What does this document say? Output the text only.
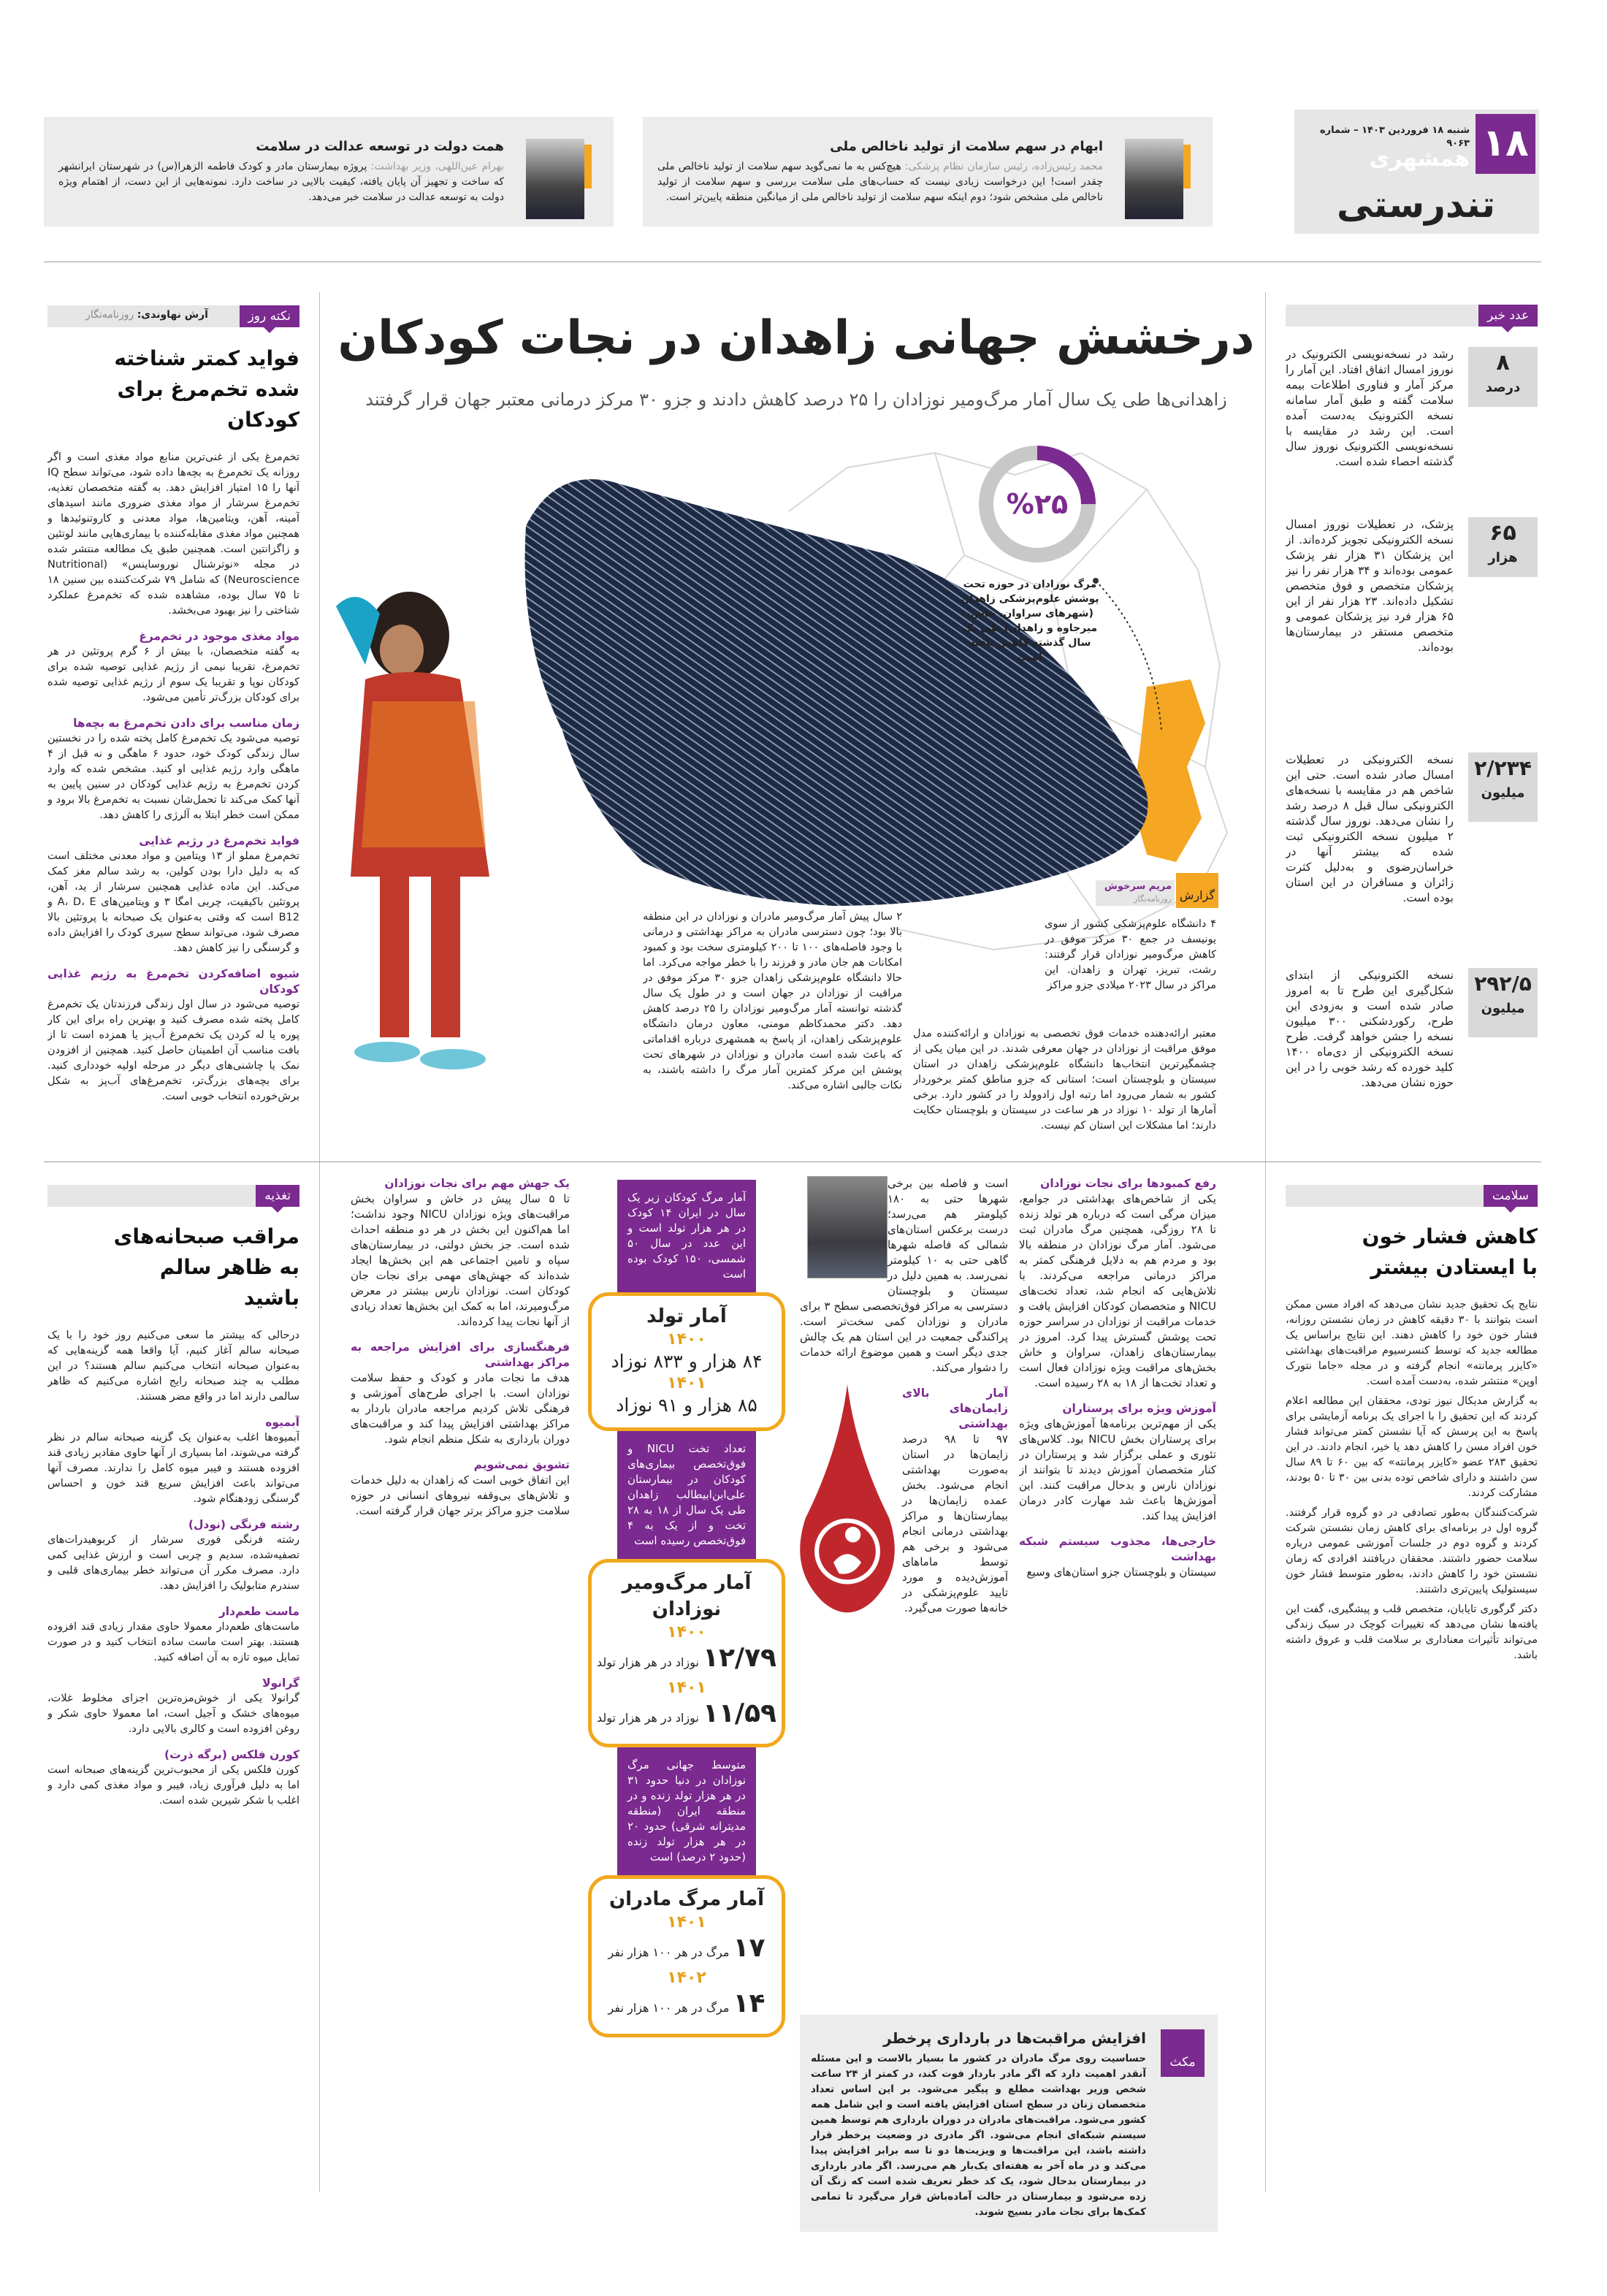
۱۸
شنبه ۱۸ فروردین ۱۴۰۳ – شماره ۹۰۶۳
همشهری
تندرستی
ابهام در سهم سلامت از تولید ناخالص ملی
محمد رئیس‌زاده، رئیس سازمان نظام پزشکی: هیچ‌کس به ما نمی‌گوید سهم سلامت از تولید ناخالص ملی چقدر است! این درخواست زیادی نیست که حساب‌های ملی سلامت بررسی و سهم سلامت از تولید ناخالص ملی مشخص شود؛ دوم اینکه سهم سلامت از تولید ناخالص ملی از میانگین منطقه پایین‌تر است.
همت دولت در توسعه عدالت در سلامت
بهرام عین‌اللهی، وزیر بهداشت: پروژه بیمارستان مادر و کودک فاطمه الزهرا(س) در شهرستان ایرانشهر که ساخت و تجهیز آن پایان یافته، کیفیت بالایی در ساخت دارد. نمونه‌هایی از این دست، از اهتمام ویژه دولت به توسعه عدالت در سلامت خبر می‌دهد.
عدد خبر
۸
درصد
رشد در نسخه‌نویسی الکترونیک در نوروز امسال اتفاق افتاد. این آمار را مرکز آمار و فناوری اطلاعات بیمه سلامت گفته و طبق آمار سامانه نسخه الکترونیک به‌دست آمده است. این رشد در مقایسه با نسخه‌نویسی الکترونیک نوروز سال گذشته احصاء شده است.
۶۵
هزار
پزشک، در تعطیلات نوروز امسال نسخه الکترونیکی تجویز کرده‌اند. از این پزشکان ۳۱ هزار نفر پزشک عمومی بوده‌اند و ۳۴ هزار نفر را نیز پزشکان متخصص و فوق متخصص تشکیل داده‌اند. ۲۳ هزار نفر از این ۶۵ هزار فرد نیز پزشکان عمومی و متخصص مستقر در بیمارستان‌ها بوده‌اند.
۲/۲۳۴
میلیون
نسخه الکترونیکی در تعطیلات امسال صادر شده است. حتی این شاخص هم در مقایسه با نسخه‌های الکترونیکی سال قبل ۸ درصد رشد را نشان می‌دهد. نوروز سال گذشته ۲ میلیون نسخه الکترونیکی ثبت شده که بیشتر آنها در خراسان‌رضوی و به‌دلیل کثرت زائران و مسافران در این استان بوده است.
۲۹۲/۵
میلیون
نسخه الکترونیکی از ابتدای شکل‌گیری این طرح تا به امروز صادر شده است و به‌زودی این طرح، رکوردشکنی ۳۰۰ میلیون نسخه را جشن خواهد گرفت. طرح نسخه الکترونیکی از دی‌ماه ۱۴۰۰ کلید خورده که رشد خوبی را در این حوزه نشان می‌دهد.
نکته روز
آرش نهاوندی: روزنامه‌نگار
فواید کمتر شناخته شده تخم‌مرغ برای کودکان

تخم‌مرغ یکی از غنی‌ترین منابع مواد مغذی است و اگر روزانه یک تخم‌مرغ به بچه‌ها داده شود، می‌تواند سطح IQ آنها را ۱۵ امتیاز افزایش دهد. به گفته متخصصان تغذیه، تخم‌مرغ سرشار از مواد مغذی ضروری مانند اسیدهای آمینه، آهن، ویتامین‌ها، مواد معدنی و کاروتنوئیدها و همچنین مواد مغذی مقابله‌کننده با بیماری‌هایی مانند لوتئین و زاگزانتین است. همچنین طبق یک مطالعه منتشر شده در مجله «نوترشنال نوروساینس» (Nutritional Neuroscience) که شامل ۷۹ شرکت‌کننده بین سنین ۱۸ تا ۷۵ سال بوده، مشاهده شده که تخم‌مرغ عملکرد شناختی را نیز بهبود می‌بخشد.

مواد مغذی موجود در تخم‌مرغ

به گفته متخصصان، با بیش از ۶ گرم پروتئین در هر تخم‌مرغ، تقریبا نیمی از رژیم غذایی توصیه شده برای کودکان نوپا و تقریبا یک سوم از رژیم غذایی توصیه شده برای کودکان بزرگ‌تر تأمین می‌شود.

زمان مناسب برای دادن تخم‌مرغ به بچه‌ها

توصیه می‌شود یک تخم‌مرغ کامل پخته شده را در نخستین سال زندگی کودک خود، حدود ۶ ماهگی و نه قبل از ۴ ماهگی وارد رژیم غذایی او کنید. مشخص شده که وارد کردن تخم‌مرغ به رژیم غذایی کودکان در سنین پایین به آنها کمک می‌کند تا تحمل‌شان نسبت به تخم‌مرغ بالا برود و ممکن است خطر ابتلا به آلرژی را کاهش دهد.

فواید تخم‌مرغ در رژیم غذایی

تخم‌مرغ مملو از ۱۳ ویتامین و مواد معدنی مختلف است که به دلیل دارا بودن کولین، به رشد سالم مغز کمک می‌کند. این ماده غذایی همچنین سرشار از ید، آهن، پروتئین باکیفیت، چربی امگا ۳ و ویتامین‌های A، D، E و B12 است که وقتی به‌عنوان یک صبحانه با پروتئین بالا مصرف شود، می‌تواند سطح سیری کودک را افزایش داده و گرسنگی را نیز کاهش دهد.

شیوه اضافه‌کردن تخم‌مرغ به رژیم غذایی کودکان

توصیه می‌شود در سال اول زندگی فرزندتان یک تخم‌مرغ کامل پخته شده مصرف کنید و بهترین راه برای این کار پوره یا له کردن یک تخم‌مرغ آب‌پز یا همزده است تا از بافت مناسب آن اطمینان حاصل کنید. همچنین از افزودن نمک یا چاشنی‌های دیگر در مرحله اولیه خودداری کنید. برای بچه‌های بزرگ‌تر، تخم‌مرغ‌های آب‌پز به شکل برش‌خورده انتخاب خوبی است.

درخشش جهانی زاهدان در نجات کودکان
زاهدانی‌ها طی یک سال آمار مرگ‌ومیر نوزادان را ۲۵ درصد کاهش دادند و جزو ۳۰ مرکز درمانی معتبر جهان قرار گرفتند
%۲۵
مرگ نوزادان در حوزه تحت پوشش علوم‌پزشکی زاهدان (شهرهای سراوان، خاش، میرجاوه و زاهدان) طی یک سال گذشته کاهش یافته است
گزارش
مریم سرخوش
روزنامه‌نگار
۴ دانشگاه علوم‌پزشکی کشور از سوی یونیسف در جمع ۳۰ مرکز موفق در کاهش مرگ‌ومیر نوزادان قرار گرفتند: رشت، تبریز، تهران و زاهدان. این مراکز در سال ۲۰۲۳ میلادی جزو مراکز
معتبر ارائه‌دهنده خدمات فوق تخصصی به نوزادان و ارائه‌کننده مدل موفق مراقبت از نوزادان در جهان معرفی شدند. در این میان یکی از چشمگیرترین انتخاب‌ها دانشگاه علوم‌پزشکی زاهدان در استان سیستان و بلوچستان است؛ استانی که جزو مناطق کمتر برخوردار کشور به شمار می‌رود اما رتبه اول زادوولد را در کشور دارد. برخی آمارها از تولد ۱۰ نوزاد در هر ساعت در سیستان و بلوچستان حکایت دارند؛ اما مشکلات این استان کم نیست.
۲ سال پیش آمار مرگ‌ومیر مادران و نوزادان در این منطقه بالا بود؛ چون دسترسی مادران به مراکز بهداشتی و درمانی با وجود فاصله‌های ۱۰۰ تا ۲۰۰ کیلومتری سخت بود و کمبود امکانات هم جان مادر و فرزند را با خطر مواجه می‌کرد. اما حالا دانشگاه علوم‌پزشکی زاهدان جزو ۳۰ مرکز موفق در مراقبت از نوزادان در جهان است و در طول یک سال گذشته توانسته آمار مرگ‌ومیر نوزادان را ۲۵ درصد کاهش دهد. دکتر محمدکاظم مومنی، معاون درمان دانشگاه علوم‌پزشکی زاهدان، از پاسخ به همشهری درباره اقداماتی که باعث شده است مادران و نوزادان در شهرهای تحت پوشش این مرکز کمترین آمار مرگ را داشته باشند، به نکات جالبی اشاره می‌کند.
رفع کمبودها برای نجات نوزادان

یکی از شاخص‌های بهداشتی در جوامع، میزان مرگی است که درباره هر تولد زنده تا ۲۸ روزگی، همچنین مرگ مادران ثبت می‌شود. آمار مرگ نوزادان در منطقه بالا بود و مردم هم به دلایل فرهنگی کمتر به مراکز درمانی مراجعه می‌کردند. با تلاش‌هایی که انجام شد، تعداد تخت‌های NICU و متخصصان کودکان افزایش یافت و خدمات مراقبت از نوزادان در سراسر حوزه تحت پوشش گسترش پیدا کرد. امروز در بیمارستان‌های زاهدان، سراوان و خاش بخش‌های مراقبت ویژه نوزادان فعال است و تعداد تخت‌ها از ۱۸ به ۲۸ رسیده است.

آموزش ویژه برای پرستاران

یکی از مهم‌ترین برنامه‌ها آموزش‌های ویژه برای پرستاران بخش NICU بود. کلاس‌های تئوری و عملی برگزار شد و پرستاران در کنار متخصصان آموزش دیدند تا بتوانند از نوزادان نارس و بدحال مراقبت کنند. این آموزش‌ها باعث شد مهارت کادر درمان افزایش پیدا کند.

خارجی‌ها، مجذوب سیستم شبکه بهداشت

سیستان و بلوچستان جزو استان‌های وسیع

است و فاصله بین برخی شهرها حتی به ۱۸۰ کیلومتر هم می‌رسد؛ درست برعکس استان‌های شمالی که فاصله شهرها گاهی حتی به ۱۰ کیلومتر نمی‌رسد. به همین دلیل در سیستان و بلوچستان دسترسی به مراکز فوق‌تخصصی سطح ۳ برای مادران و نوزادان کمی سخت‌تر است. پراکندگی جمعیت در این استان هم یک چالش جدی دیگر است و همین موضوع ارائه خدمات را دشوار می‌کند.

آمار بالای زایمان‌های بهداشتی

۹۷ تا ۹۸ درصد زایمان‌ها در استان به‌صورت بهداشتی انجام می‌شود. بخش عمده زایمان‌ها در بیمارستان‌ها و مراکز بهداشتی درمانی انجام می‌شود و برخی هم توسط ماماهای آموزش‌دیده و مورد تایید علوم‌پزشکی در خانه‌ها صورت می‌گیرد.

آمار مرگ کودکان زیر یک سال در ایران ۱۴ کودک در هر هزار تولد است و این عدد در سال ۵۰ شمسی، ۱۵۰ کودک بوده است
آمار تولد
۱۴۰۰
۸۴ هزار و ۸۳۳ نوزاد
۱۴۰۱
۸۵ هزار و ۹۱ نوزاد
تعداد تخت NICU و فوق‌تخصص بیماری‌های کودکان در بیمارستان علی‌ابن‌ابیطالب زاهدان طی یک سال از ۱۸ به ۲۸ تخت و از یک به ۴ فوق‌تخصص رسیده است
آمار مرگ‌ومیر نوزادان
۱۴۰۰
۱۲/۷۹ نوزاد در هر هزار تولد
۱۴۰۱
۱۱/۵۹ نوزاد در هر هزار تولد
متوسط جهانی مرگ نوزادان در دنیا حدود ۳۱ در هر هزار تولد زنده و در منطقه ایران (منطقه مدیترانه شرقی) حدود ۲۰ در هر هزار تولد زنده (حدود ۲ درصد) است
آمار مرگ مادران
۱۴۰۱
۱۷ مرگ در هر ۱۰۰ هزار نفر
۱۴۰۲
۱۴ مرگ در هر ۱۰۰ هزار نفر
یک جهش مهم برای نجات نوزادان

تا ۵ سال پیش در خاش و سراوان بخش مراقبت‌های ویژه نوزادان NICU وجود نداشت؛ اما هم‌اکنون این بخش در هر دو منطقه احداث شده است. جز بخش دولتی، در بیمارستان‌های سپاه و تامین اجتماعی هم این بخش‌ها ایجاد شده‌اند که جهش‌های مهمی برای نجات جان کودکان است. نوزادان نارس بیشتر در معرض مرگ‌ومیرند، اما به کمک این بخش‌ها تعداد زیادی از آنها نجات پیدا کرده‌اند.

فرهنگسازی برای افزایش مراجعه به مراکز بهداشتی

هدف ما نجات مادر و کودک و حفظ سلامت نوزادان است. با اجرای طرح‌های آموزشی و فرهنگی تلاش کردیم مراجعه مادران باردار به مراکز بهداشتی افزایش پیدا کند و مراقبت‌های دوران بارداری به شکل منظم انجام شود.

تشویق نمی‌شویم

این اتفاق خوبی است که زاهدان به دلیل خدمات و تلاش‌های بی‌وقفه نیروهای انسانی در حوزه سلامت جزو مراکز برتر جهان قرار گرفته است.

مکث
افزایش مراقبت‌ها در بارداری پرخطر
حساسیت روی مرگ مادران در کشور ما بسیار بالاست و این مسئله آنقدر اهمیت دارد که اگر مادر باردار فوت کند، در کمتر از ۲۴ ساعت شخص وزیر بهداشت مطلع و پیگیر می‌شود. بر این اساس تعداد متخصصان زنان در سطح استان افزایش یافته است و این شامل همه کشور می‌شود. مراقبت‌های مادران در دوران بارداری هم توسط همین سیستم شبکه‌ای انجام می‌شود. اگر مادری در وضعیت پرخطر قرار داشته باشد، این مراقبت‌ها و ویزیت‌ها دو تا سه برابر افزایش پیدا می‌کند و در ماه آخر به هفته‌ای یک‌بار هم می‌رسد. اگر مادر بارداری در بیمارستان بدحال شود، یک کد خطر تعریف شده است که زنگ آن زده می‌شود و بیمارستان در حالت آماده‌باش قرار می‌گیرد تا تمامی کمک‌ها برای نجات مادر بسیج شوند.
تغذیه
مراقب صبحانه‌های به ظاهر سالم باشید

درحالی که بیشتر ما سعی می‌کنیم روز خود را با یک صبحانه سالم آغاز کنیم، آیا واقعا همه گزینه‌هایی که به‌عنوان صبحانه انتخاب می‌کنیم سالم هستند؟ در این مطلب به چند صبحانه رایج اشاره می‌کنیم که ظاهر سالمی دارند اما در واقع مضر هستند.

آبمیوه

آبمیوه‌ها اغلب به‌عنوان یک گزینه صبحانه سالم در نظر گرفته می‌شوند، اما بسیاری از آنها حاوی مقادیر زیادی قند افزوده هستند و فیبر میوه کامل را ندارند. مصرف آنها می‌تواند باعث افزایش سریع قند خون و احساس گرسنگی زودهنگام شود.

رشته فرنگی (نودل)

رشته فرنگی فوری سرشار از کربوهیدرات‌های تصفیه‌شده، سدیم و چربی است و ارزش غذایی کمی دارد. مصرف مکرر آن می‌تواند خطر بیماری‌های قلبی و سندرم متابولیک را افزایش دهد.

ماست طعم‌دار

ماست‌های طعم‌دار معمولا حاوی مقدار زیادی قند افزوده هستند. بهتر است ماست ساده انتخاب کنید و در صورت تمایل میوه تازه به آن اضافه کنید.

گرانولا

گرانولا یکی از خوش‌مزه‌ترین اجزای مخلوط غلات، میوه‌های خشک و آجیل است، اما معمولا حاوی شکر و روغن افزوده است و کالری بالایی دارد.

کورن فلکس (برگه ذرت)

کورن فلکس یکی از محبوب‌ترین گزینه‌های صبحانه است اما به دلیل فرآوری زیاد، فیبر و مواد مغذی کمی دارد و اغلب با شکر شیرین شده است.

سلامت
کاهش فشار خون با ایستادن بیشتر

نتایج یک تحقیق جدید نشان می‌دهد که افراد مسن ممکن است بتوانند با ۳۰ دقیقه کاهش در زمان نشستن روزانه، فشار خون خود را کاهش دهند. این نتایج براساس یک مطالعه جدید که توسط کنسرسیوم مراقبت‌های بهداشتی «کایزر پرمانته» انجام گرفته و در مجله «جاما نتورک اوپن» منتشر شده، به‌دست آمده است.

به گزارش مدیکال نیوز تودی، محققان این مطالعه اعلام کردند که این تحقیق را با اجرای یک برنامه آزمایشی برای پاسخ به این پرسش که آیا نشستن کمتر می‌تواند فشار خون افراد مسن را کاهش دهد یا خیر، انجام دادند. در این تحقیق ۲۸۳ عضو «کایزر پرمانته» که بین ۶۰ تا ۸۹ سال سن داشتند و دارای شاخص توده بدنی بین ۳۰ تا ۵۰ بودند، مشارکت کردند.

شرکت‌کنندگان به‌طور تصادفی در دو گروه قرار گرفتند. گروه اول در برنامه‌ای برای کاهش زمان نشستن شرکت کردند و گروه دوم در جلسات آموزشی عمومی درباره سلامت حضور داشتند. محققان دریافتند افرادی که زمان نشستن خود را کاهش دادند، به‌طور متوسط فشار خون سیستولیک پایین‌تری داشتند.

دکتر گرگوری تایابان، متخصص قلب و پیشگیری، گفت این یافته‌ها نشان می‌دهد که تغییرات کوچک در سبک زندگی می‌تواند تأثیرات معناداری بر سلامت قلب و عروق داشته باشد.
